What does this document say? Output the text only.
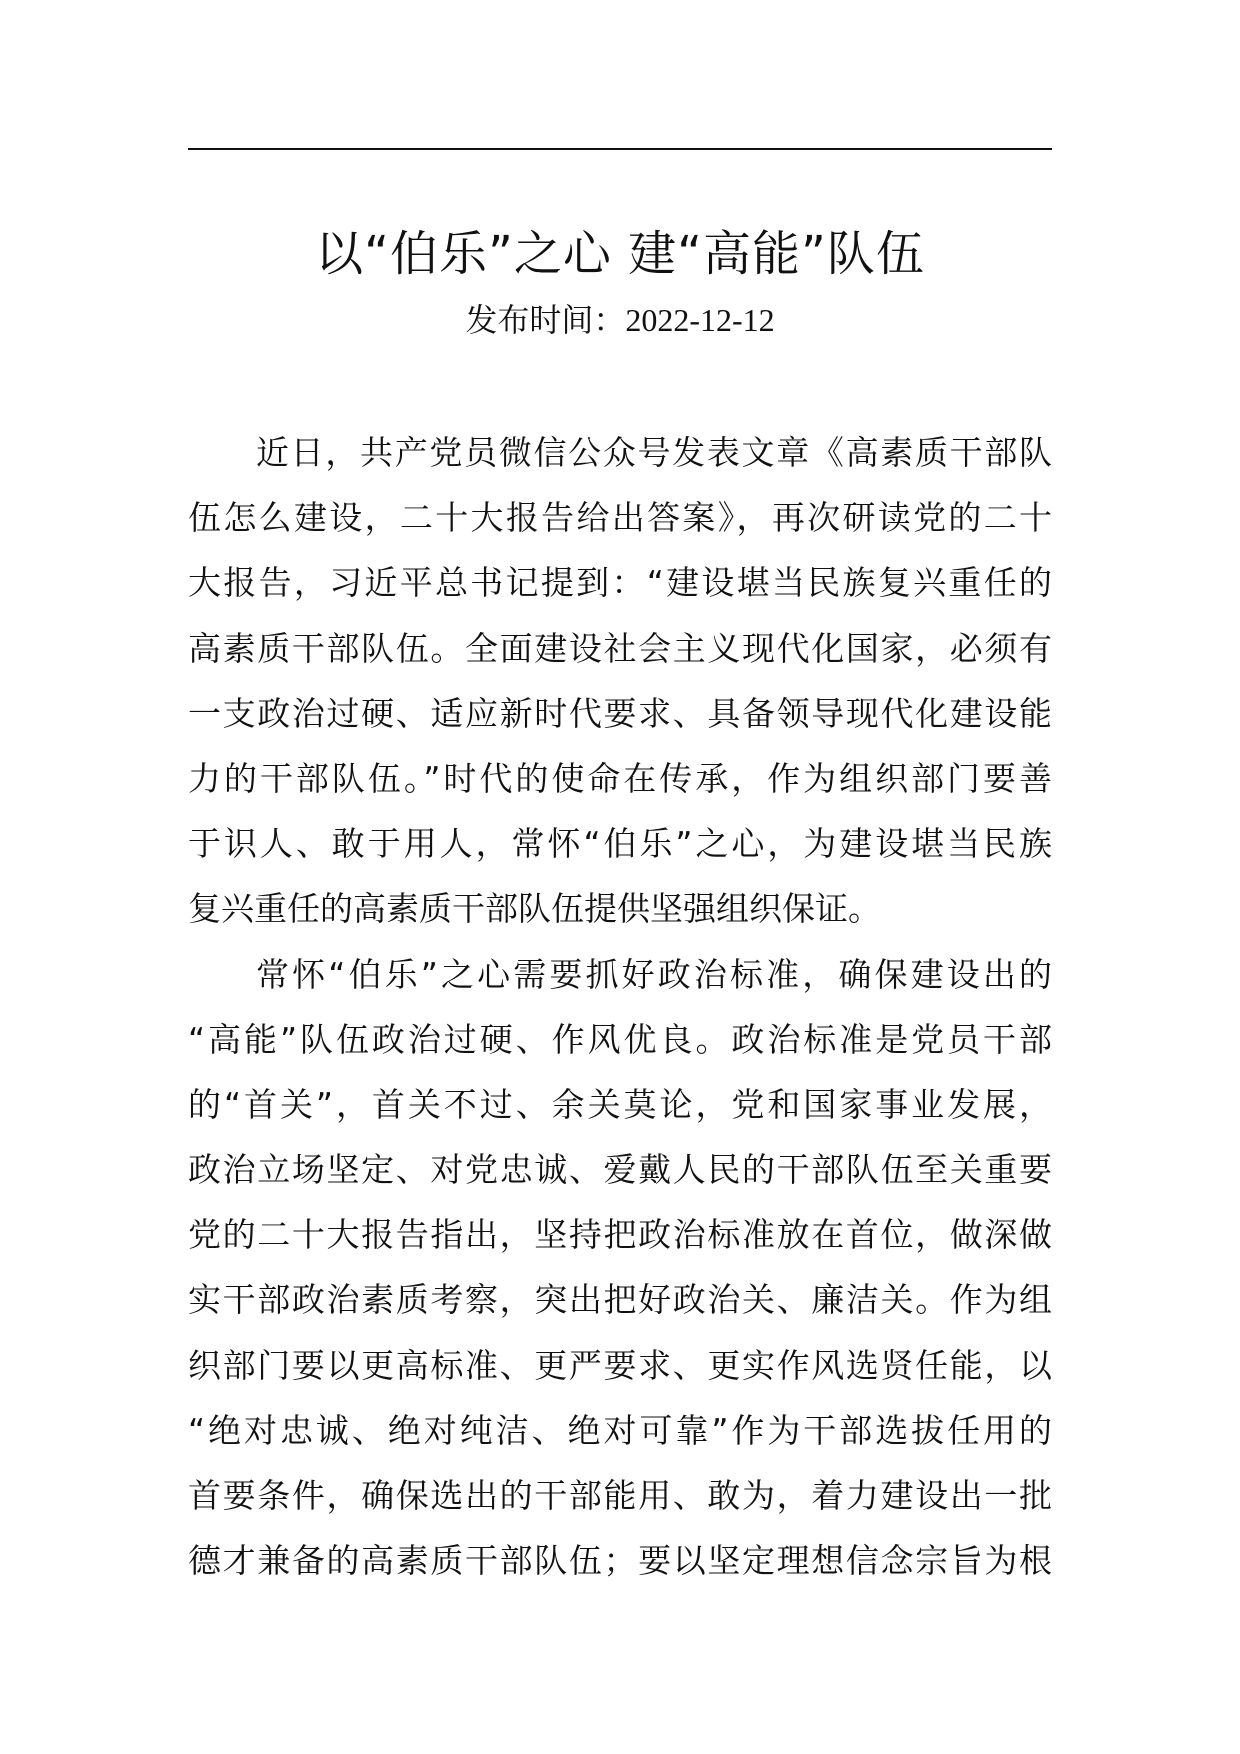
以“伯乐”之心 建“高能”队伍
发布时间：2022-12-12

近日，共产党员微信公众号发表文章《高素质干部队
伍怎么建设，二十大报告给出答案》，再次研读党的二十
大报告，习近平总书记提到：“建设堪当民族复兴重任的
高素质干部队伍。全面建设社会主义现代化国家，必须有
一支政治过硬、适应新时代要求、具备领导现代化建设能
力的干部队伍。”时代的使命在传承，作为组织部门要善
于识人、敢于用人，常怀“伯乐”之心，为建设堪当民族
复兴重任的高素质干部队伍提供坚强组织保证。

常怀“伯乐”之心需要抓好政治标准，确保建设出的
“高能”队伍政治过硬、作风优良。政治标准是党员干部
的“首关”，首关不过、余关莫论，党和国家事业发展，
政治立场坚定、对党忠诚、爱戴人民的干部队伍至关重要
党的二十大报告指出，坚持把政治标准放在首位，做深做
实干部政治素质考察，突出把好政治关、廉洁关。作为组
织部门要以更高标准、更严要求、更实作风选贤任能，以
“绝对忠诚、绝对纯洁、绝对可靠”作为干部选拔任用的
首要条件，确保选出的干部能用、敢为，着力建设出一批
德才兼备的高素质干部队伍；要以坚定理想信念宗旨为根
